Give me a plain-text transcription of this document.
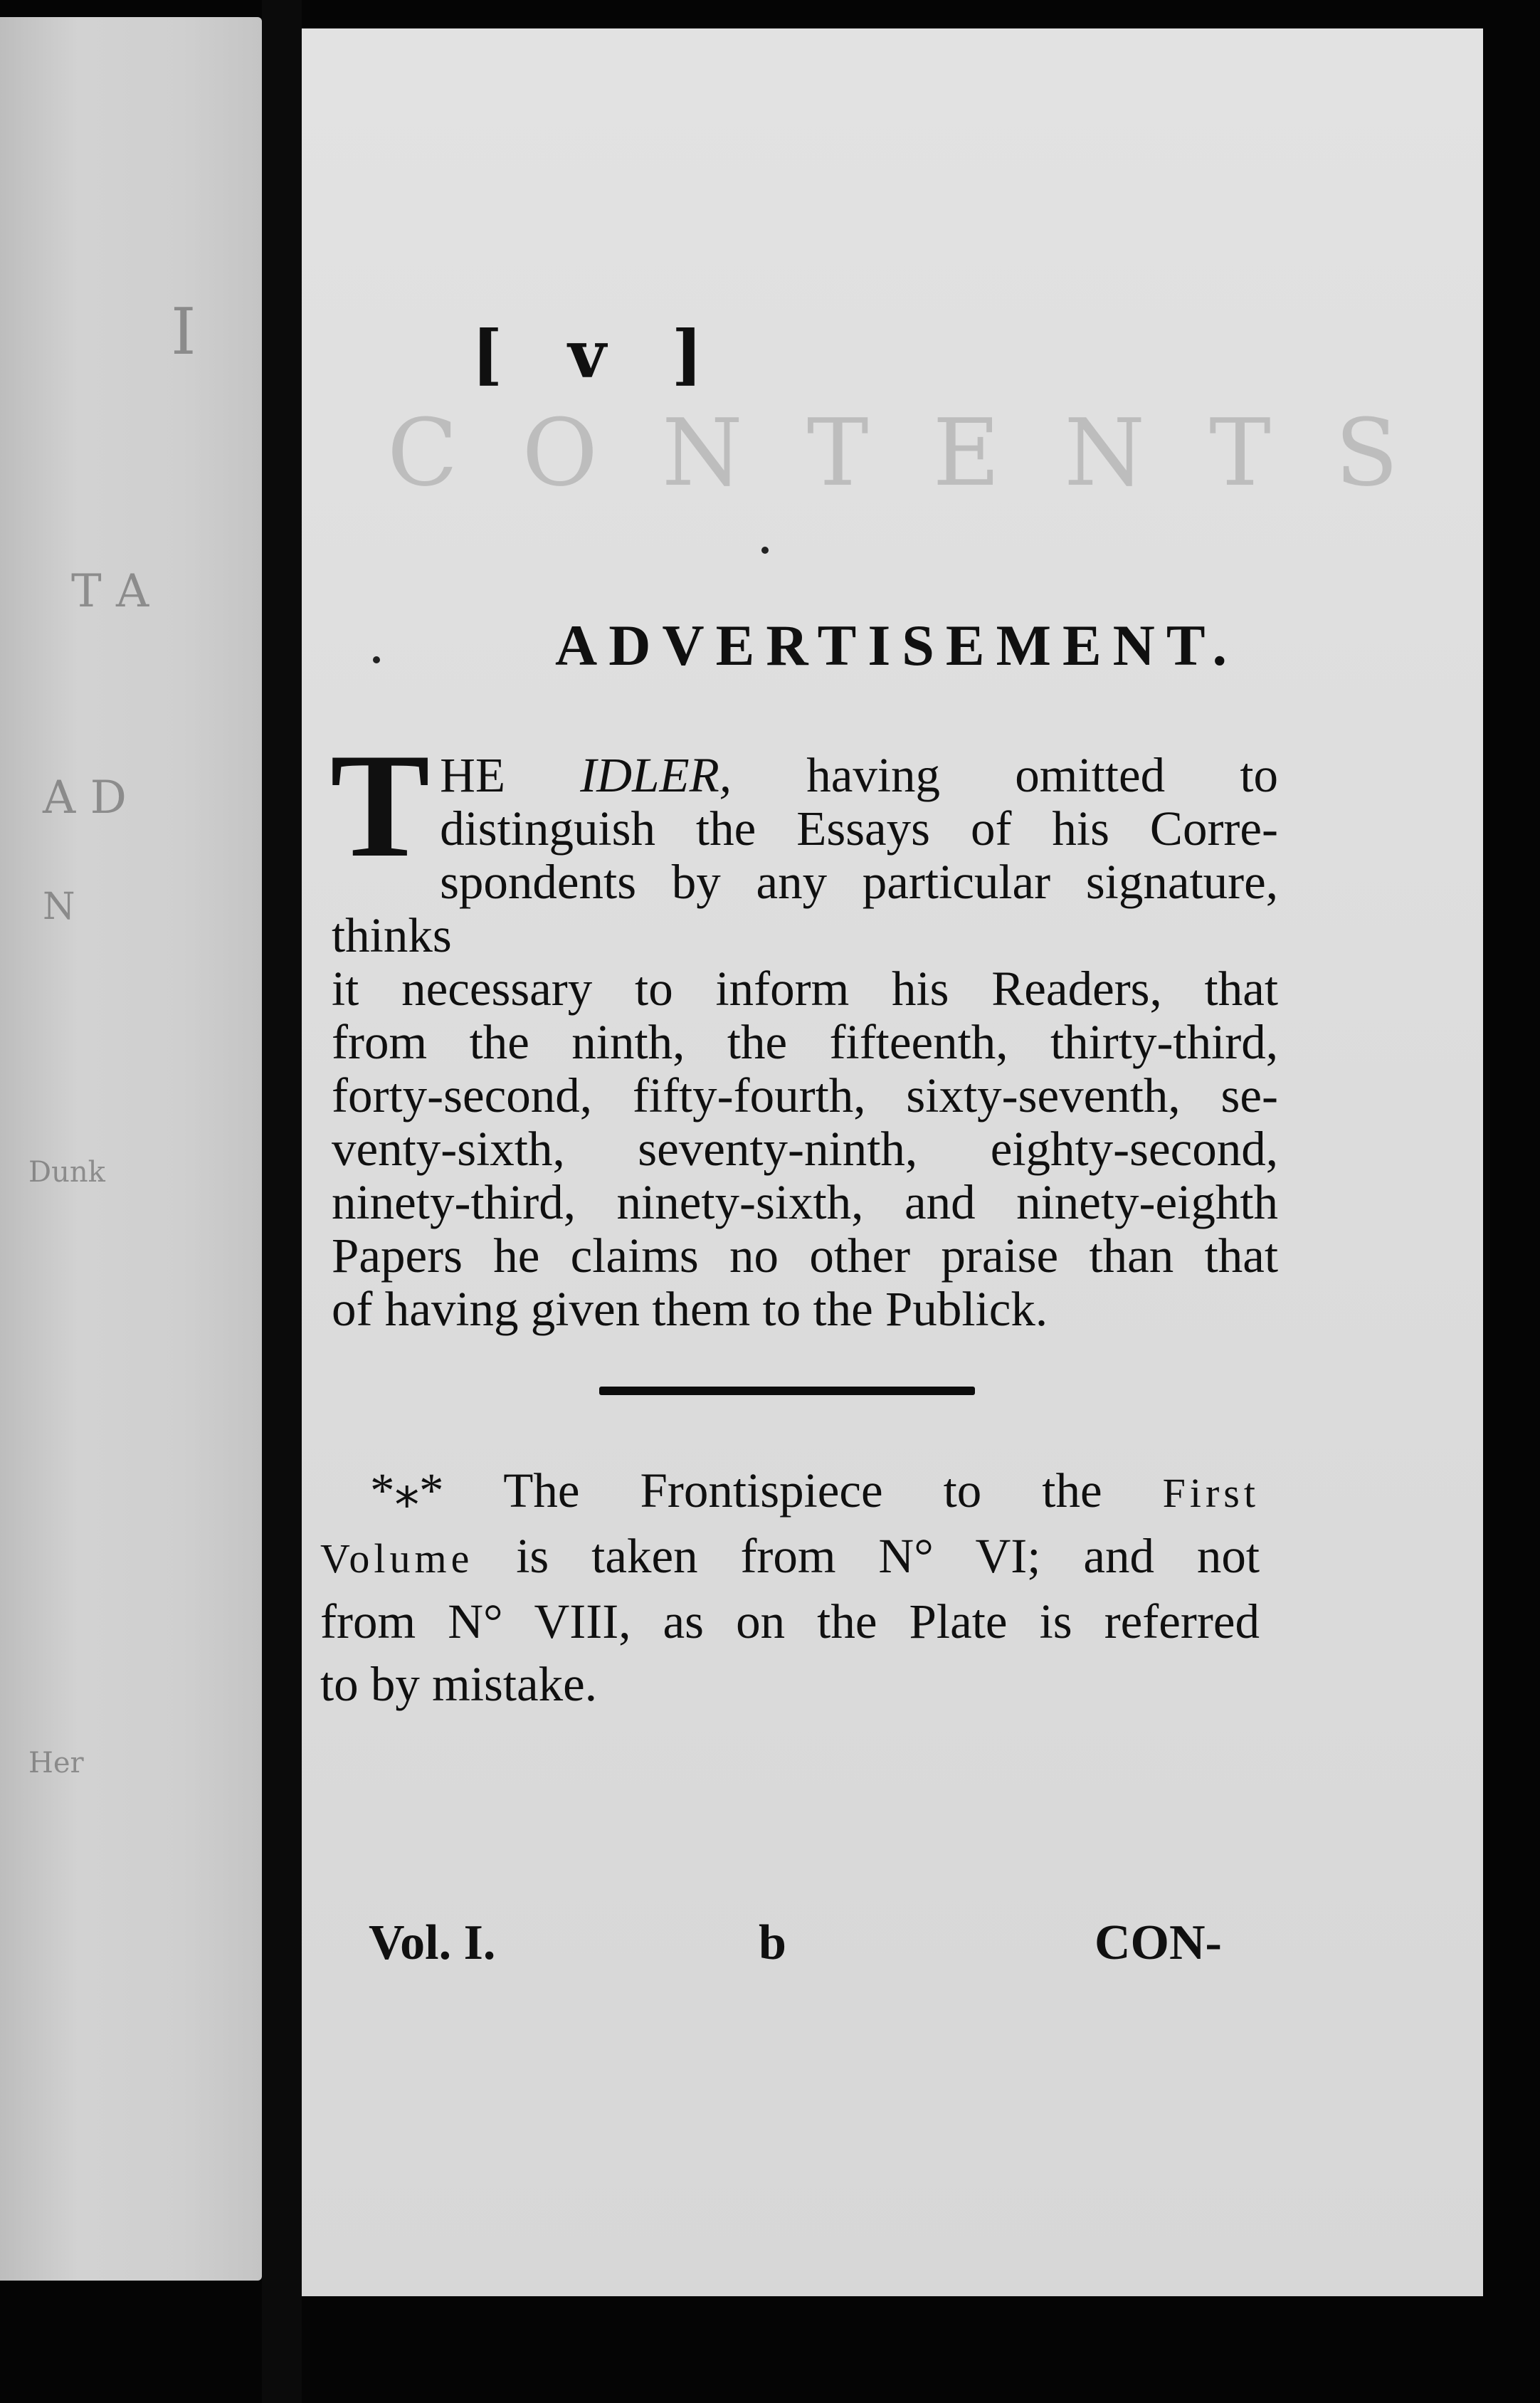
I
T A
A D
N
Dunk
Her
CONTENTS
[ v ]
ADVERTISEMENT.
T HE IDLER, having omitted to
distinguish the Essays of his Corre-
spondents by any particular signature, thinks
it necessary to inform his Readers, that
from the ninth, the fifteenth, thirty-third,
forty-second, fifty-fourth, sixty-seventh, se-
venty-sixth, seventy-ninth, eighty-second,
ninety-third, ninety-sixth, and ninety-eighth
Papers he claims no other praise than that
of having given them to the Publick.
*⁎* The Frontispiece to the First
Volume is taken from N° VI; and not
from N° VIII, as on the Plate is referred
to by mistake.
Vol. I.	b	CON-
